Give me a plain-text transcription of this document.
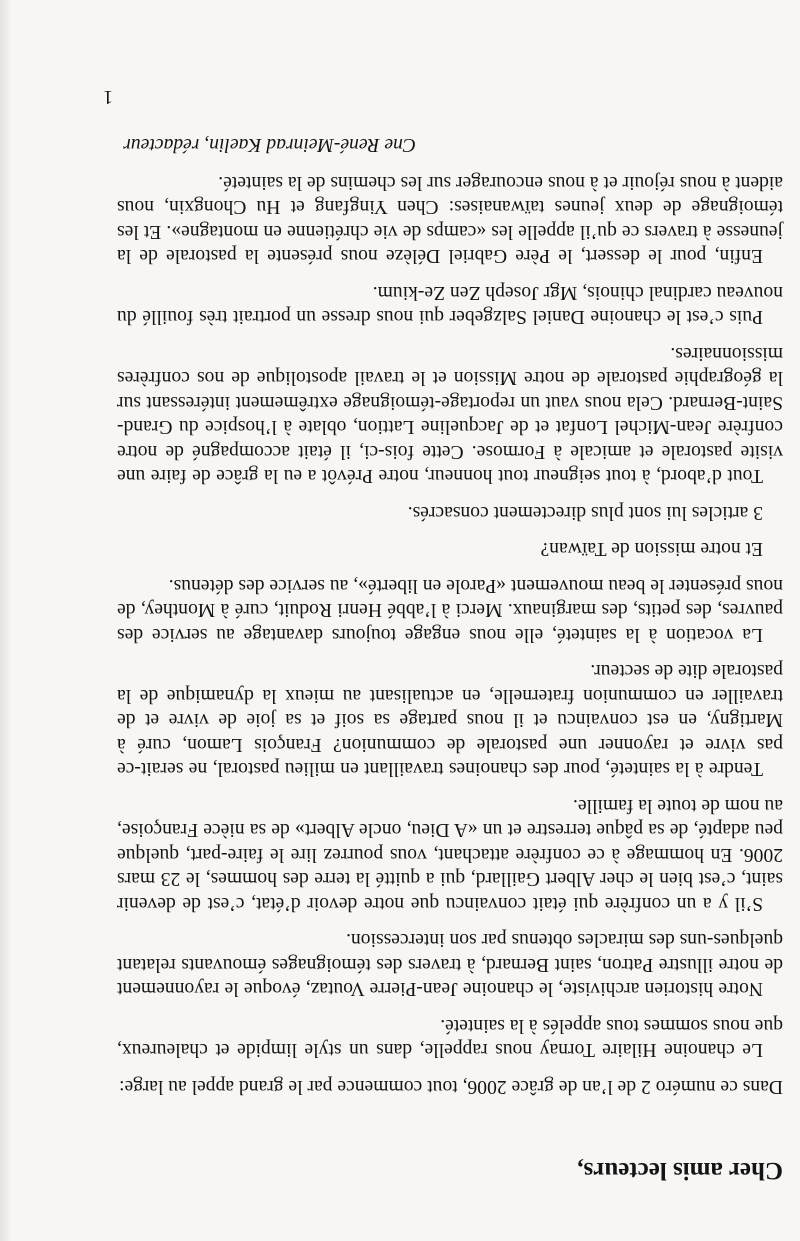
Cher amis lecteurs,

Dans ce numéro 2 de l’an de grâce 2006, tout commence par le grand appel au large:

Le chanoine Hilaire Tornay nous rappelle, dans un style limpide et chaleureux, que nous sommes tous appelés à la sainteté.

Notre historien archiviste, le chanoine Jean-Pierre Voutaz, évoque le rayonnement de notre illustre Patron, saint Bernard, à travers des témoignages émouvants relatant quelques-uns des miracles obtenus par son intercession.

S’il y a un confrère qui était convaincu que notre devoir d’état, c’est de devenir saint, c’est bien le cher Albert Gaillard, qui a quitté la terre des hommes, le 23 mars 2006. En hommage à ce confrère attachant, vous pourrez lire le faire-part, quelque peu adapté, de sa pâque terrestre et un «A Dieu, oncle Albert» de sa nièce Françoise, au nom de toute la famille.

Tendre à la sainteté, pour des chanoines travaillant en milieu pastoral, ne serait-ce pas vivre et rayonner une pastorale de communion? François Lamon, curé à Martigny, en est convaincu et il nous partage sa soif et sa joie de vivre et de travailler en communion fraternelle, en actualisant au mieux la dynamique de la pastorale dite de secteur.

La vocation à la sainteté, elle nous engage toujours davantage au service des pauvres, des petits, des marginaux. Merci à l’abbé Henri Roduit, curé à Monthey, de nous présenter le beau mouvement «Parole en liberté», au service des détenus.

Et notre mission de Taïwan?

3 articles lui sont plus directement consacrés.

Tout d’abord, à tout seigneur tout honneur, notre Prévôt a eu la grâce de faire une visite pastorale et amicale à Formose. Cette fois-ci, il était accompagné de notre confrère Jean-Michel Lonfat et de Jacqueline Lattion, oblate à l’hospice du Grand-Saint-Bernard. Cela nous vaut un reportage-témoignage extrêmement intéressant sur la géographie pastorale de notre Mission et le travail apostolique de nos confrères missionnaires.

Puis c’est le chanoine Daniel Salzgeber qui nous dresse un portrait très fouillé du nouveau cardinal chinois, Mgr Joseph Zen Ze-kium.

Enfin, pour le dessert, le Père Gabriel Délèze nous présente la pastorale de la jeunesse à travers ce qu’il appelle les «camps de vie chrétienne en montagne». Et les témoignage de deux jeunes taïwanaises: Chen Yingfang et Hu Chongxin, nous aident à nous réjouir et à nous encourager sur les chemins de la sainteté.

Cne René-Meinrad Kaelin, rédacteur

1
